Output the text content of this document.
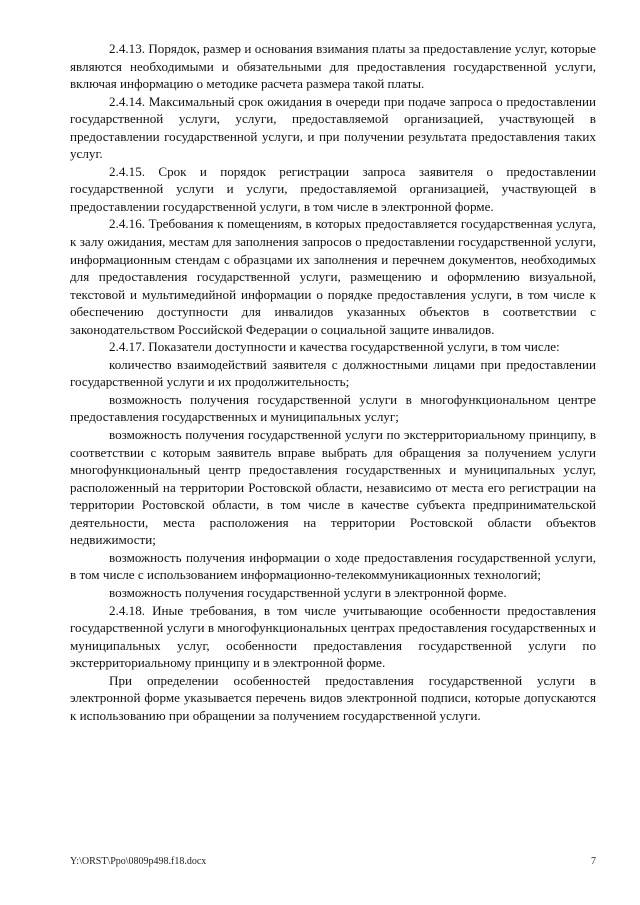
2.4.13. Порядок, размер и основания взимания платы за предоставление услуг, которые являются необходимыми и обязательными для предоставления государственной услуги, включая информацию о методике расчета размера такой платы.

2.4.14. Максимальный срок ожидания в очереди при подаче запроса о предоставлении государственной услуги, услуги, предоставляемой организацией, участвующей в предоставлении государственной услуги, и при получении результата предоставления таких услуг.

2.4.15. Срок и порядок регистрации запроса заявителя о предоставлении государственной услуги и услуги, предоставляемой организацией, участвующей в предоставлении государственной услуги, в том числе в электронной форме.

2.4.16. Требования к помещениям, в которых предоставляется государственная услуга, к залу ожидания, местам для заполнения запросов о предоставлении государственной услуги, информационным стендам с образцами их заполнения и перечнем документов, необходимых для предоставления государственной услуги, размещению и оформлению визуальной, текстовой и мультимедийной информации о порядке предоставления услуги, в том числе к обеспечению доступности для инвалидов указанных объектов в соответствии с законодательством Российской Федерации о социальной защите инвалидов.

2.4.17. Показатели доступности и качества государственной услуги, в том числе:

количество взаимодействий заявителя с должностными лицами при предоставлении государственной услуги и их продолжительность;

возможность получения государственной услуги в многофункциональном центре предоставления государственных и муниципальных услуг;

возможность получения государственной услуги по экстерриториальному принципу, в соответствии с которым заявитель вправе выбрать для обращения за получением услуги многофункциональный центр предоставления государственных и муниципальных услуг, расположенный на территории Ростовской области, независимо от места его регистрации на территории Ростовской области, в том числе в качестве субъекта предпринимательской деятельности, места расположения на территории Ростовской области объектов недвижимости;

возможность получения информации о ходе предоставления государственной услуги, в том числе с использованием информационно-телекоммуникационных технологий;

возможность получения государственной услуги в электронной форме.

2.4.18. Иные требования, в том числе учитывающие особенности предоставления государственной услуги в многофункциональных центрах предоставления государственных и муниципальных услуг, особенности предоставления государственной услуги по экстерриториальному принципу и в электронной форме.

При определении особенностей предоставления государственной услуги в электронной форме указывается перечень видов электронной подписи, которые допускаются к использованию при обращении за получением государственной услуги.

Y:\ORST\Ppo\0809p498.f18.docx	7
